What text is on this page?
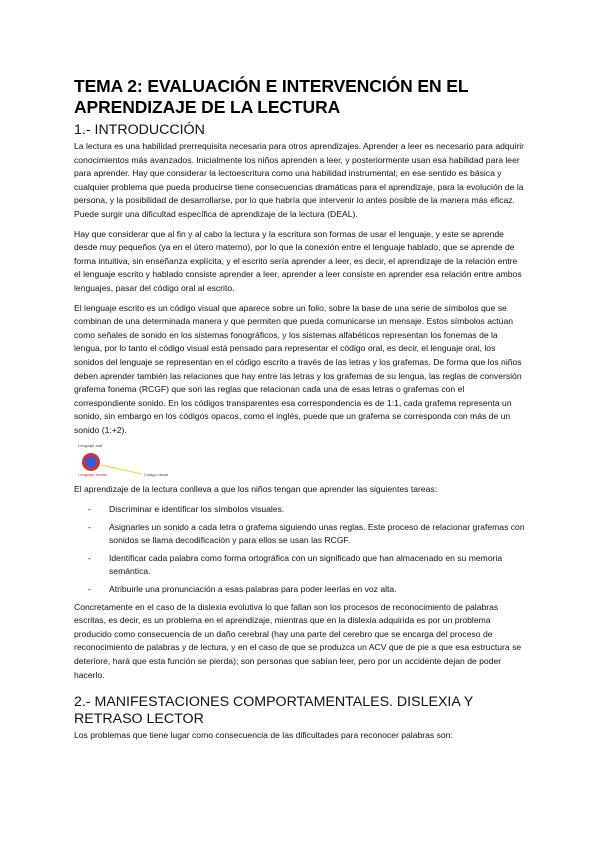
TEMA 2: EVALUACIÓN E INTERVENCIÓN EN EL APRENDIZAJE DE LA LECTURA
1.- INTRODUCCIÓN

La lectura es una habilidad prerrequisita necesaria para otros aprendizajes. Aprender a leer es necesario para adquirir conocimientos más avanzados. Inicialmente los niños aprenden a leer, y posteriormente usan esa habilidad para leer para aprender. Hay que considerar la lectoescritura como una habilidad instrumental; en ese sentido es básica y cualquier problema que pueda producirse tiene consecuencias dramáticas para el aprendizaje, para la evolución de la persona, y la posibilidad de desarrollarse, por lo que habría que intervenir lo antes posible de la manera más eficaz. Puede surgir una dificultad específica de aprendizaje de la lectura (DEAL).

Hay que considerar que al fin y al cabo la lectura y la escritura son formas de usar el lenguaje, y este se aprende desde muy pequeños (ya en el útero materno), por lo que la conexión entre el lenguaje hablado, que se aprende de forma intuitiva, sin enseñanza explícita, y el escrito sería aprender a leer, es decir, el aprendizaje de la relación entre el lenguaje escrito y hablado consiste aprender a leer, aprender a leer consiste en aprender esa relación entre ambos lenguajes, pasar del código oral al escrito.

El lenguaje escrito es un código visual que aparece sobre un folio, sobre la base de una serie de símbolos que se combinan de una determinada manera y que permiten que pueda comunicarse un mensaje. Estos símbolos actúan como señales de sonido en los sistemas fonográficos, y los sistemas alfabéticos representan los fonemas de la lengua, por lo tanto el código visual está pensado para representar el código oral, es decir, el lenguaje oral, los sonidos del lenguaje se representan en el código escrito a través de las letras y los grafemas. De forma que los niños deben aprender también las relaciones que hay entre las letras y los grafemas de su lengua, las reglas de conversión grafema fonema (RCGF) que son las reglas que relacionan cada una de esas letras o grafemas con el correspondiente sonido. En los códigos transparentes esa correspondencia es de 1:1, cada grafema representa un sonido, sin embargo en los códigos opacos, como el inglés, puede que un grafema se corresponda con más de un sonido (1:+2).

Lenguaje oral
Lenguaje escrito	Código visual

El aprendizaje de la lectura conlleva a que los niños tengan que aprender las siguientes tareas:

- Discriminar e identificar los símbolos visuales.
- Asignarles un sonido a cada letra o grafema siguiendo unas reglas. Este proceso de relacionar grafemas con sonidos se llama decodificación y para ellos se usan las RCGF.
- Identificar cada palabra como forma ortográfica con un significado que han almacenado en su memoria semántica.
- Atribuirle una pronunciación a esas palabras para poder leerlas en voz alta.

Concretamente en el caso de la dislexia evolutiva lo que fallan son los procesos de reconocimiento de palabras escritas, es decir, es un problema en el aprendizaje, mientras que en la dislexia adquirida es por un problema producido como consecuencia de un daño cerebral (hay una parte del cerebro que se encarga del proceso de reconocimiento de palabras y de lectura, y en el caso de que se produzca un ACV que de pie a que esa estructura se deteriore, hará que esta función se pierda); son personas que sabían leer, pero por un accidente dejan de poder hacerlo.

2.- MANIFESTACIONES COMPORTAMENTALES. DISLEXIA Y RETRASO LECTOR

Los problemas que tiene lugar como consecuencia de las dificultades para reconocer palabras son:
